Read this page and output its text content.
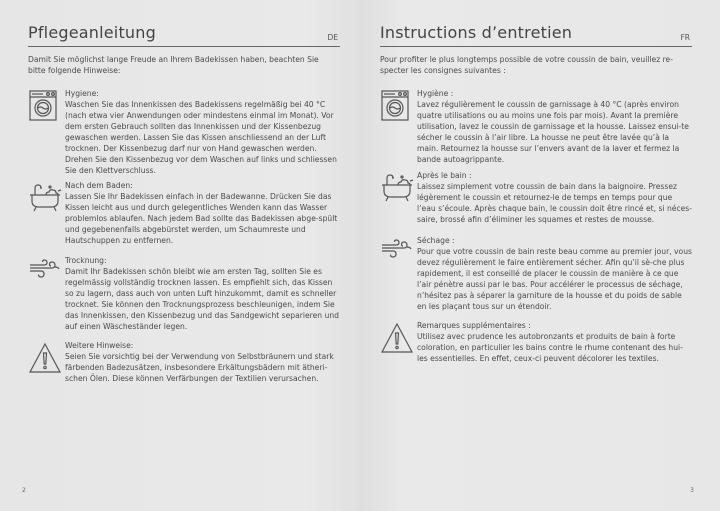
Pflegeanleitung	DE
Damit Sie möglichst lange Freude an Ihrem Badekissen haben, beachten Sie bitte folgende Hinweise:
Hygiene:
Waschen Sie das Innenkissen des Badekissens regelmäßig bei 40 °C (nach etwa vier Anwendungen oder mindestens einmal im Monat). Vor dem ersten Gebrauch sollten das Innenkissen und der Kissenbezug gewaschen werden. Lassen Sie das Kissen anschliessend an der Luft trocknen. Der Kissenbezug darf nur von Hand gewaschen werden. Drehen Sie den Kissenbezug vor dem Waschen auf links und schliessen Sie den Klettverschluss.
Nach dem Baden:
Lassen Sie Ihr Badekissen einfach in der Badewanne. Drücken Sie das Kissen leicht aus und durch gelegentliches Wenden kann das Wasser problemlos ablaufen. Nach jedem Bad sollte das Badekissen abge-spült und gegebenenfalls abgebürstet werden, um Schaumreste und Hautschuppen zu entfernen.
Trocknung:
Damit Ihr Badekissen schön bleibt wie am ersten Tag, sollten Sie es regelmässig vollständig trocknen lassen. Es empfiehlt sich, das Kissen so zu lagern, dass auch von unten Luft hinzukommt, damit es schneller trocknet. Sie können den Trocknungsprozess beschleunigen, indem Sie das Innenkissen, den Kissenbezug und das Sandgewicht separieren und auf einen Wäscheständer legen.
Weitere Hinweise:
Seien Sie vorsichtig bei der Verwendung von Selbstbräunern und stark färbenden Badezusätzen, insbesondere Erkältungsbädern mit ätheri-schen Ölen. Diese können Verfärbungen der Textilien verursachen.
2
Instructions d’entretien	FR
Pour profiter le plus longtemps possible de votre coussin de bain, veuillez re-specter les consignes suivantes :
Hygiène :
Lavez régulièrement le coussin de garnissage à 40 °C (après environ quatre utilisations ou au moins une fois par mois). Avant la première utilisation, lavez le coussin de garnissage et la housse. Laissez ensui-te sécher le coussin à l’air libre. La housse ne peut être lavée qu’à la main. Retournez la housse sur l’envers avant de la laver et fermez la bande autoagrippante.
Après le bain :
Laissez simplement votre coussin de bain dans la baignoire. Pressez légèrement le coussin et retournez-le de temps en temps pour que l’eau s’écoule. Après chaque bain, le coussin doit être rincé et, si néces-saire, brossé afin d’éliminer les squames et restes de mousse.
Séchage :
Pour que votre coussin de bain reste beau comme au premier jour, vous devez régulièrement le faire entièrement sécher. Afin qu’il sè-che plus rapidement, il est conseillé de placer le coussin de manière à ce que l’air pénètre aussi par le bas. Pour accélérer le processus de séchage, n’hésitez pas à séparer la garniture de la housse et du poids de sable en les plaçant tous sur un étendoir.
Remarques supplémentaires :
Utilisez avec prudence les autobronzants et produits de bain à forte coloration, en particulier les bains contre le rhume contenant des hui-les essentielles. En effet, ceux-ci peuvent décolorer les textiles.
3
